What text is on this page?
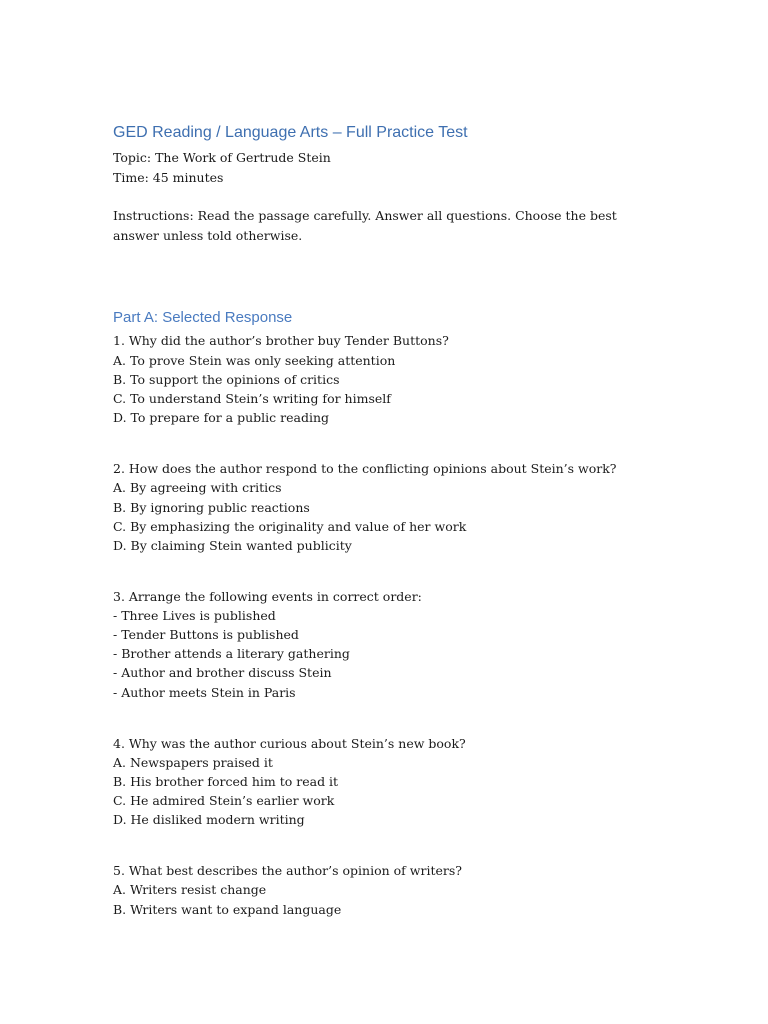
GED Reading / Language Arts – Full Practice Test
Topic: The Work of Gertrude Stein
Time: 45 minutes
Instructions: Read the passage carefully. Answer all questions. Choose the best answer unless told otherwise.
Part A: Selected Response
1. Why did the author’s brother buy Tender Buttons?
A. To prove Stein was only seeking attention
B. To support the opinions of critics
C. To understand Stein’s writing for himself
D. To prepare for a public reading
2. How does the author respond to the conflicting opinions about Stein’s work?
A. By agreeing with critics
B. By ignoring public reactions
C. By emphasizing the originality and value of her work
D. By claiming Stein wanted publicity
3. Arrange the following events in correct order:
- Three Lives is published
- Tender Buttons is published
- Brother attends a literary gathering
- Author and brother discuss Stein
- Author meets Stein in Paris
4. Why was the author curious about Stein’s new book?
A. Newspapers praised it
B. His brother forced him to read it
C. He admired Stein’s earlier work
D. He disliked modern writing
5. What best describes the author’s opinion of writers?
A. Writers resist change
B. Writers want to expand language
